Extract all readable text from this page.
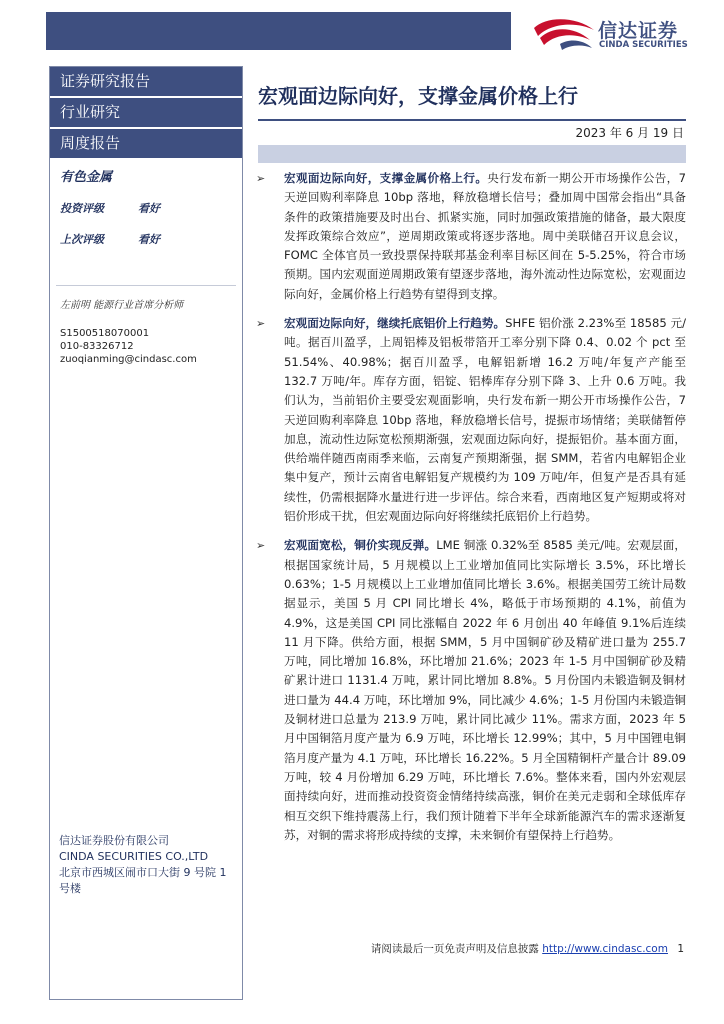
信达证券
CINDA SECURITIES
证券研究报告
行业研究
周度报告
有色金属
投资评级	看好
上次评级	看好
左前明 能源行业首席分析师
S1500518070001
010-83326712
zuoqianming@cindasc.com
信达证券股份有限公司
CINDA SECURITIES CO.,LTD
北京市西城区闹市口大街 9 号院 1 号楼
宏观面边际向好，支撑金属价格上行
2023 年 6 月 19 日
➢	宏观面边际向好，支撑金属价格上行。央行发布新一期公开市场操作公告，7 天逆回购利率降息 10bp 落地，释放稳增长信号；叠加周中国常会指出“具备条件的政策措施要及时出台、抓紧实施，同时加强政策措施的储备，最大限度发挥政策综合效应”，逆周期政策或将逐步落地。周中美联储召开议息会议，FOMC 全体官员一致投票保持联邦基金利率目标区间在 5-5.25%，符合市场预期。国内宏观面逆周期政策有望逐步落地，海外流动性边际宽松，宏观面边际向好，金属价格上行趋势有望得到支撑。
➢	宏观面边际向好，继续托底铝价上行趋势。SHFE 铝价涨 2.23%至 18585 元/吨。据百川盈孚，上周铝棒及铝板带箔开工率分别下降 0.4、0.02 个 pct 至 51.54%、40.98%；据百川盈孚，电解铝新增 16.2 万吨/年复产产能至 132.7 万吨/年。库存方面，铝锭、铝棒库存分别下降 3、上升 0.6 万吨。我们认为，当前铝价主要受宏观面影响，央行发布新一期公开市场操作公告，7 天逆回购利率降息 10bp 落地，释放稳增长信号，提振市场情绪；美联储暂停加息，流动性边际宽松预期渐强，宏观面边际向好，提振铝价。基本面方面，供给端伴随西南雨季来临，云南复产预期渐强，据 SMM，若省内电解铝企业集中复产，预计云南省电解铝复产规模约为 109 万吨/年，但复产是否具有延续性，仍需根据降水量进行进一步评估。综合来看，西南地区复产短期或将对铝价形成干扰，但宏观面边际向好将继续托底铝价上行趋势。
➢	宏观面宽松，铜价实现反弹。LME 铜涨 0.32%至 8585 美元/吨。宏观层面，根据国家统计局，5 月规模以上工业增加值同比实际增长 3.5%，环比增长 0.63%；1-5 月规模以上工业增加值同比增长 3.6%。根据美国劳工统计局数据显示，美国 5 月 CPI 同比增长 4%，略低于市场预期的 4.1%，前值为 4.9%，这是美国 CPI 同比涨幅自 2022 年 6 月创出 40 年峰值 9.1%后连续 11 月下降。供给方面，根据 SMM，5 月中国铜矿砂及精矿进口量为 255.7 万吨，同比增加 16.8%，环比增加 21.6%；2023 年 1-5 月中国铜矿砂及精矿累计进口 1131.4 万吨，累计同比增加 8.8%。5 月份国内未锻造铜及铜材进口量为 44.4 万吨，环比增加 9%，同比减少 4.6%；1-5 月份国内未锻造铜及铜材进口总量为 213.9 万吨，累计同比减少 11%。需求方面，2023 年 5 月中国铜箔月度产量为 6.9 万吨，环比增长 12.99%；其中，5 月中国锂电铜箔月度产量为 4.1 万吨，环比增长 16.22%。5 月全国精铜杆产量合计 89.09 万吨，较 4 月份增加 6.29 万吨，环比增长 7.6%。整体来看，国内外宏观层面持续向好，进而推动投资资金情绪持续高涨，铜价在美元走弱和全球低库存相互交织下维持震荡上行，我们预计随着下半年全球新能源汽车的需求逐渐复苏，对铜的需求将形成持续的支撑，未来铜价有望保持上行趋势。
请阅读最后一页免责声明及信息披露 http://www.cindasc.com 1
